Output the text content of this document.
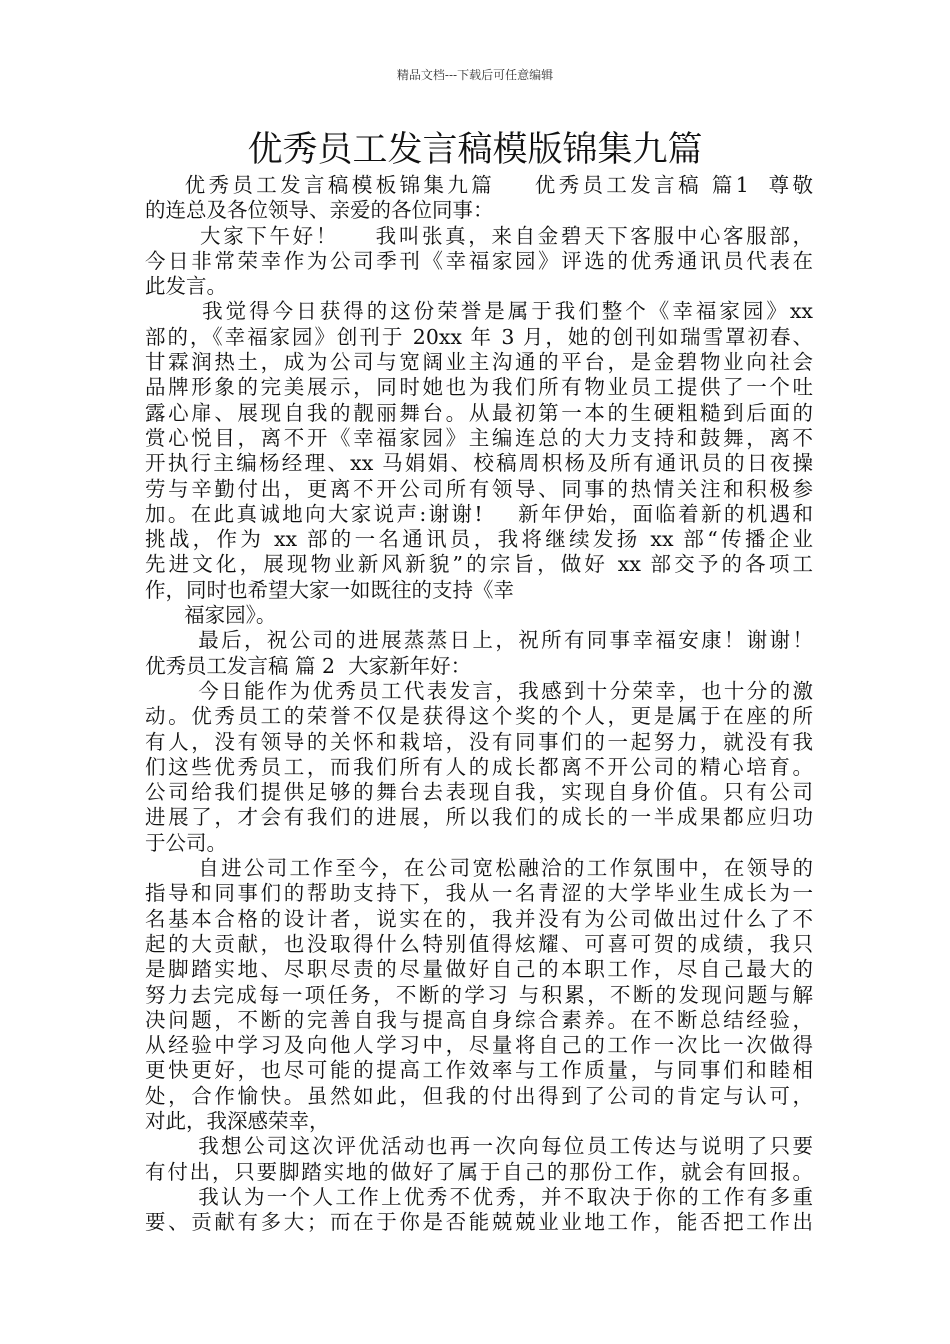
精品文档---下载后可任意编辑
优秀员工发言稿模版锦集九篇
优秀员工发言稿模板锦集九篇    优秀员工发言稿 篇1  尊敬
的连总及各位领导、亲爱的各位同事：
大家下午好！    我叫张真，来自金碧天下客服中心客服部，
今日非常荣幸作为公司季刊《幸福家园》评选的优秀通讯员代表在
此发言。
我觉得今日获得的这份荣誉是属于我们整个《幸福家园》xx
部的，《幸福家园》创刊于 20xx 年 3 月，她的创刊如瑞雪罩初春、
甘霖润热土，成为公司与宽阔业主沟通的平台，是金碧物业向社会
品牌形象的完美展示，同时她也为我们所有物业员工提供了一个吐
露心扉、展现自我的靓丽舞台。从最初第一本的生硬粗糙到后面的
赏心悦目，离不开《幸福家园》主编连总的大力支持和鼓舞，离不
开执行主编杨经理、xx 马娟娟、校稿周枳杨及所有通讯员的日夜操
劳与辛勤付出，更离不开公司所有领导、同事的热情关注和积极参
加。在此真诚地向大家说声:谢谢!    新年伊始，面临着新的机遇和
挑战，作为 xx 部的一名通讯员，我将继续发扬 xx 部“传播企业
先进文化，展现物业新风新貌”的宗旨，做好 xx 部交予的各项工
作，同时也希望大家一如既往的支持《幸
福家园》。
最后，祝公司的进展蒸蒸日上，祝所有同事幸福安康！谢谢！
优秀员工发言稿 篇 2  大家新年好：
今日能作为优秀员工代表发言，我感到十分荣幸，也十分的激
动。优秀员工的荣誉不仅是获得这个奖的个人，更是属于在座的所
有人，没有领导的关怀和栽培，没有同事们的一起努力，就没有我
们这些优秀员工，而我们所有人的成长都离不开公司的精心培育。
公司给我们提供足够的舞台去表现自我，实现自身价值。只有公司
进展了，才会有我们的进展，所以我们的成长的一半成果都应归功
于公司。
自进公司工作至今，在公司宽松融洽的工作氛围中，在领导的
指导和同事们的帮助支持下，我从一名青涩的大学毕业生成长为一
名基本合格的设计者，说实在的，我并没有为公司做出过什么了不
起的大贡献，也没取得什么特别值得炫耀、可喜可贺的成绩，我只
是脚踏实地、尽职尽责的尽量做好自己的本职工作，尽自己最大的
努力去完成每一项任务，不断的学习 与积累，不断的发现问题与解
决问题，不断的完善自我与提高自身综合素养。在不断总结经验，
从经验中学习及向他人学习中，尽量将自己的工作一次比一次做得
更快更好，也尽可能的提高工作效率与工作质量，与同事们和睦相
处，合作愉快。虽然如此，但我的付出得到了公司的肯定与认可，
对此，我深感荣幸，
我想公司这次评优活动也再一次向每位员工传达与说明了只要
有付出，只要脚踏实地的做好了属于自己的那份工作，就会有回报。
我认为一个人工作上优秀不优秀，并不取决于你的工作有多重
要、贡献有多大；而在于你是否能兢兢业业地工作，能否把工作出
